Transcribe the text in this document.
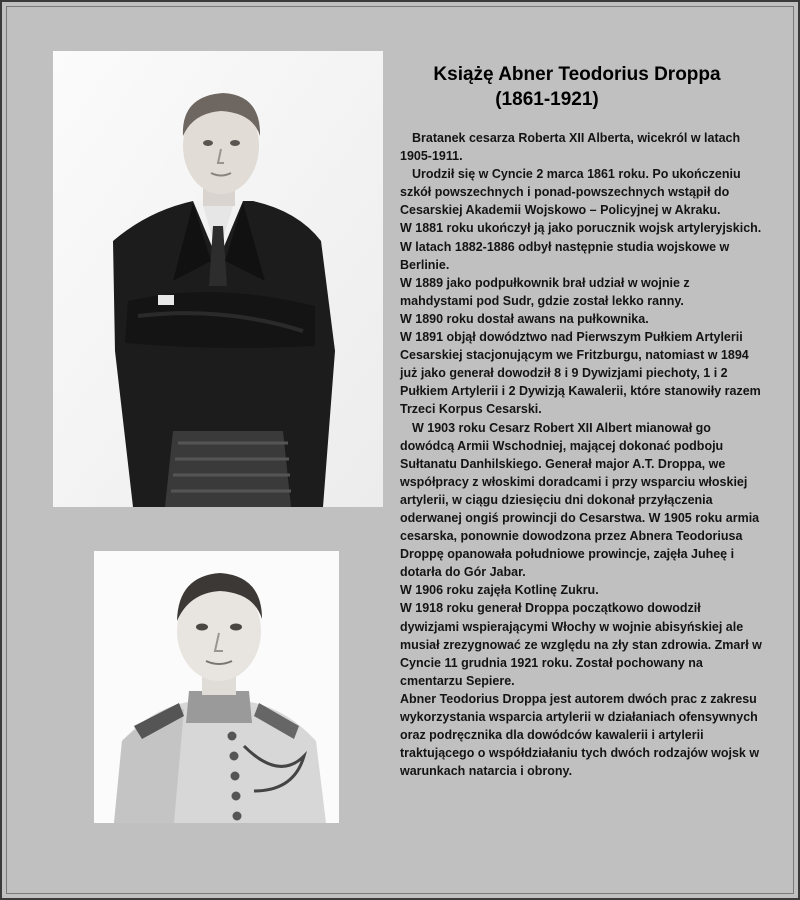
Książę Abner Teodorius Droppa
(1861-1921)

Bratanek cesarza Roberta XII Alberta, wicekról w latach 1905-1911.

Urodził się w Cyncie 2 marca 1861 roku. Po ukończeniu szkół powszechnych i ponad-powszechnych wstąpił do Cesarskiej Akademii Wojskowo – Policyjnej w Akraku.

W 1881 roku ukończył ją jako porucznik wojsk artyleryjskich. W latach 1882-1886 odbył następnie studia wojskowe w Berlinie.

W 1889 jako podpułkownik brał udział w wojnie z mahdystami pod Sudr, gdzie został lekko ranny.

W 1890 roku dostał awans na pułkownika.

W 1891 objął dowództwo nad Pierwszym Pułkiem Artylerii Cesarskiej stacjonującym we Fritzburgu, natomiast w 1894 już jako generał dowodził 8 i 9 Dywizjami piechoty, 1 i 2 Pułkiem Artylerii i 2 Dywizją Kawalerii, które stanowiły razem Trzeci Korpus Cesarski.

W 1903 roku Cesarz Robert XII Albert mianował go dowódcą Armii Wschodniej, mającej dokonać podboju Sułtanatu Danhilskiego. Generał major A.T. Droppa, we współpracy z włoskimi doradcami i przy wsparciu włoskiej artylerii, w ciągu dziesięciu dni dokonał przyłączenia oderwanej ongiś prowincji do Cesarstwa. W 1905 roku armia cesarska, ponownie dowodzona przez Abnera Teodoriusa Droppę opanowała południowe prowincje, zajęła Juheę i dotarła do Gór Jabar.

W 1906 roku zajęła Kotlinę Zukru.

W 1918 roku generał Droppa początkowo dowodził dywizjami wspierającymi Włochy w wojnie abisyńskiej ale musiał zrezygnować ze względu na zły stan zdrowia. Zmarł w Cyncie 11 grudnia 1921 roku. Został pochowany na cmentarzu Sepiere.

Abner Teodorius Droppa jest autorem dwóch prac z zakresu wykorzystania wsparcia artylerii w działaniach ofensywnych oraz podręcznika dla dowódców kawalerii i artylerii traktującego o współdziałaniu tych dwóch rodzajów wojsk w warunkach natarcia i obrony.
